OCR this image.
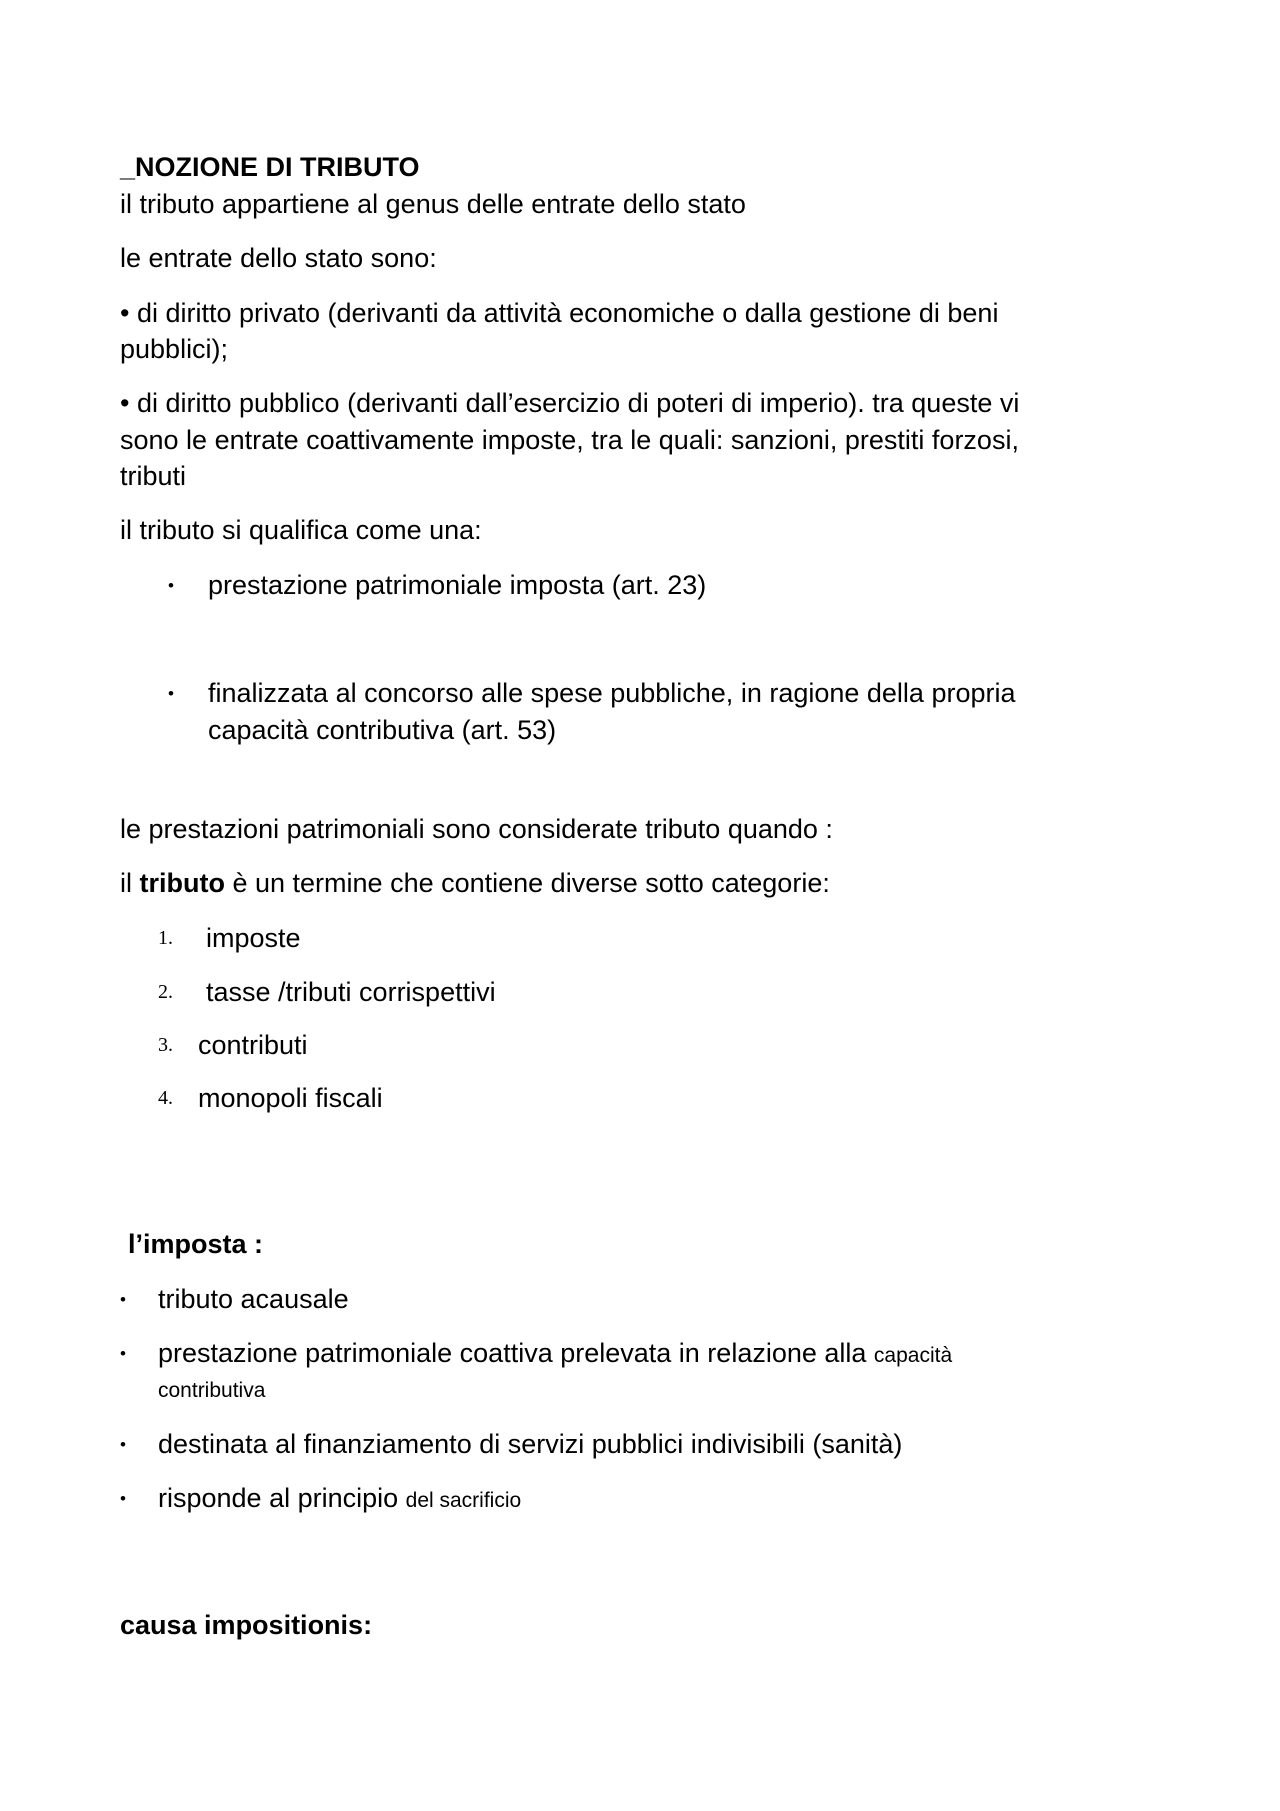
_NOZIONE DI TRIBUTO
il tributo appartiene al genus delle entrate dello stato
le entrate dello stato sono:
• di diritto privato (derivanti da attività economiche o dalla gestione di beni
pubblici);
• di diritto pubblico (derivanti dall’esercizio di poteri di imperio). tra queste vi
sono le entrate coattivamente imposte, tra le quali: sanzioni, prestiti forzosi,
tributi
il tributo si qualifica come una:
• prestazione patrimoniale imposta (art. 23)
• finalizzata al concorso alle spese pubbliche, in ragione della propria
capacità contributiva (art. 53)
le prestazioni patrimoniali sono considerate tributo quando :
il tributo è un termine che contiene diverse sotto categorie:
1. imposte
2. tasse /tributi corrispettivi
3. contributi
4. monopoli fiscali
l’imposta :
• tributo acausale
• prestazione patrimoniale coattiva prelevata in relazione alla capacità
contributiva
• destinata al finanziamento di servizi pubblici indivisibili (sanità)
• risponde al principio del sacrificio
causa impositionis:
